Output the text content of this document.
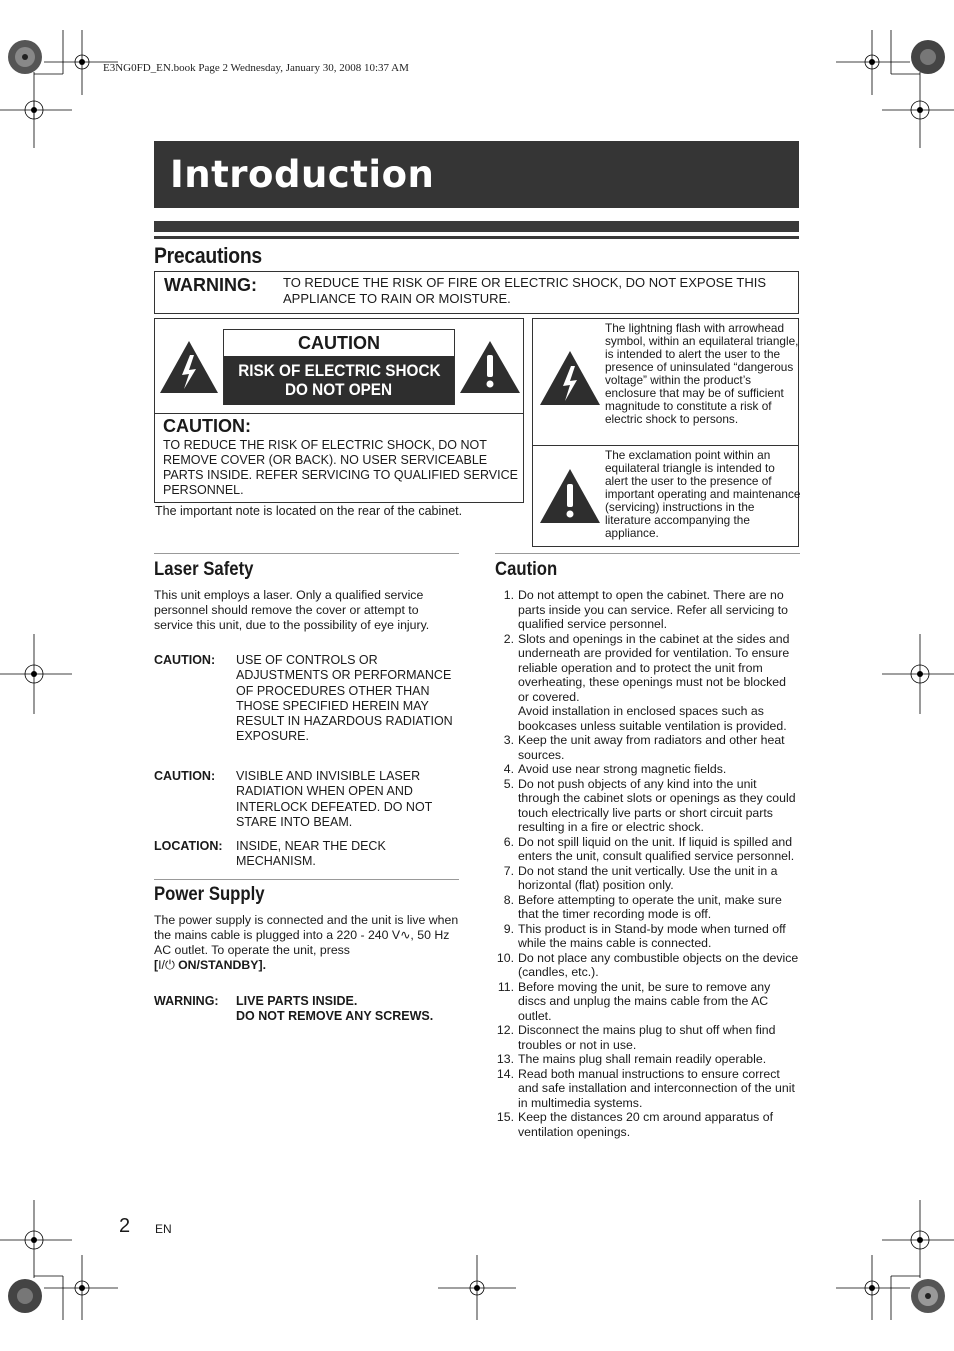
E3NG0FD_EN.book Page 2 Wednesday, January 30, 2008 10:37 AM
Introduction
Precautions
WARNING: TO REDUCE THE RISK OF FIRE OR ELECTRIC SHOCK, DO NOT EXPOSE THIS APPLIANCE TO RAIN OR MOISTURE.
CAUTION
RISK OF ELECTRIC SHOCK
DO NOT OPEN
CAUTION:
TO REDUCE THE RISK OF ELECTRIC SHOCK, DO NOT REMOVE COVER (OR BACK). NO USER SERVICEABLE PARTS INSIDE. REFER SERVICING TO QUALIFIED SERVICE PERSONNEL.
The important note is located on the rear of the cabinet.
The lightning flash with arrowhead symbol, within an equilateral triangle, is intended to alert the user to the presence of uninsulated “dangerous voltage” within the product’s enclosure that may be of sufficient magnitude to constitute a risk of electric shock to persons.
The exclamation point within an equilateral triangle is intended to alert the user to the presence of important operating and maintenance (servicing) instructions in the literature accompanying the appliance.
Laser Safety
This unit employs a laser. Only a qualified service personnel should remove the cover or attempt to service this unit, due to the possibility of eye injury.
CAUTION: USE OF CONTROLS OR ADJUSTMENTS OR PERFORMANCE OF PROCEDURES OTHER THAN THOSE SPECIFIED HEREIN MAY RESULT IN HAZARDOUS RADIATION EXPOSURE.
CAUTION: VISIBLE AND INVISIBLE LASER RADIATION WHEN OPEN AND INTERLOCK DEFEATED. DO NOT STARE INTO BEAM.
LOCATION: INSIDE, NEAR THE DECK MECHANISM.
Power Supply
The power supply is connected and the unit is live when the mains cable is plugged into a 220 - 240 V∿, 50 Hz AC outlet. To operate the unit, press
[I/⏻ ON/STANDBY].
WARNING: LIVE PARTS INSIDE.
DO NOT REMOVE ANY SCREWS.
Caution
1. Do not attempt to open the cabinet. There are no parts inside you can service. Refer all servicing to qualified service personnel.
2. Slots and openings in the cabinet at the sides and underneath are provided for ventilation. To ensure reliable operation and to protect the unit from overheating, these openings must not be blocked or covered.
Avoid installation in enclosed spaces such as bookcases unless suitable ventilation is provided.
3. Keep the unit away from radiators and other heat sources.
4. Avoid use near strong magnetic fields.
5. Do not push objects of any kind into the unit through the cabinet slots or openings as they could touch electrically live parts or short circuit parts resulting in a fire or electric shock.
6. Do not spill liquid on the unit. If liquid is spilled and enters the unit, consult qualified service personnel.
7. Do not stand the unit vertically. Use the unit in a horizontal (flat) position only.
8. Before attempting to operate the unit, make sure that the timer recording mode is off.
9. This product is in Stand-by mode when turned off while the mains cable is connected.
10. Do not place any combustible objects on the device (candles, etc.).
11. Before moving the unit, be sure to remove any discs and unplug the mains cable from the AC outlet.
12. Disconnect the mains plug to shut off when find troubles or not in use.
13. The mains plug shall remain readily operable.
14. Read both manual instructions to ensure correct and safe installation and interconnection of the unit in multimedia systems.
15. Keep the distances 20 cm around apparatus of ventilation openings.
2 EN
